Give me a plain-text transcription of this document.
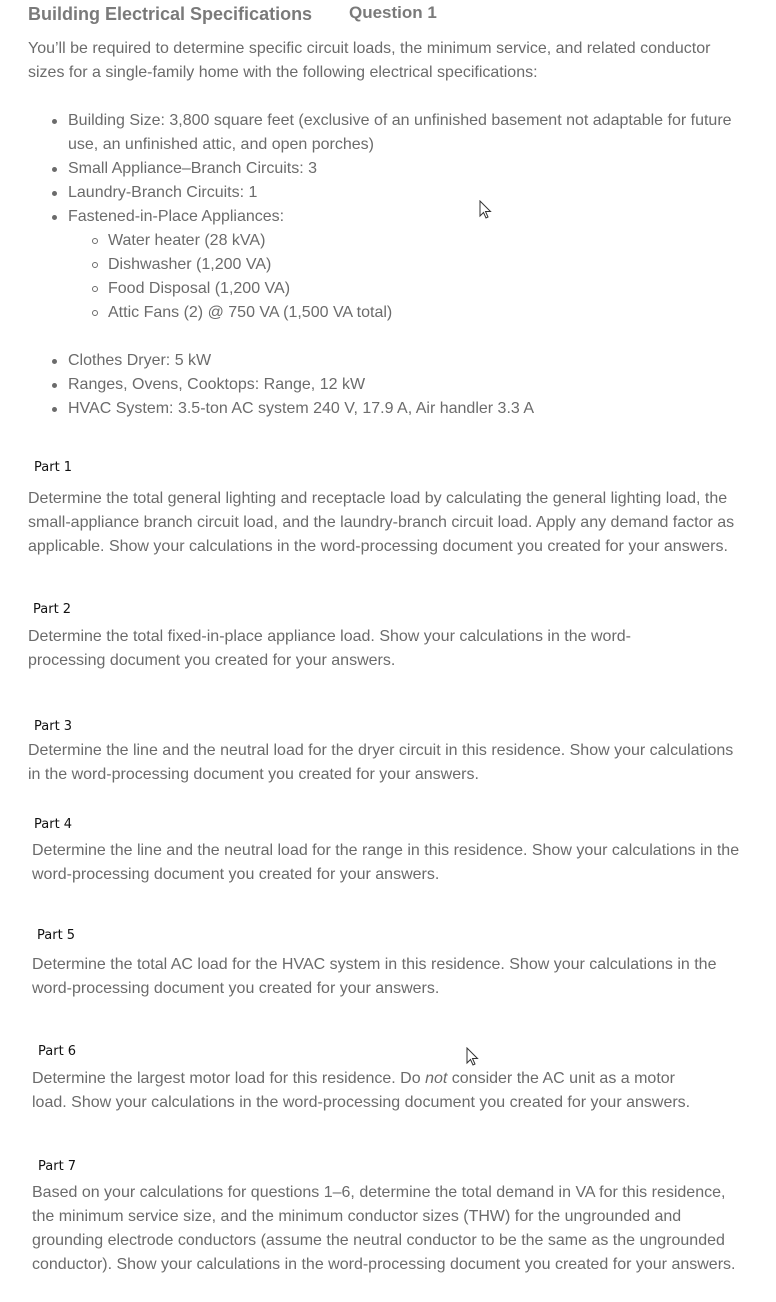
Building Electrical Specifications Question 1

You’ll be required to determine specific circuit loads, the minimum service, and related conductor sizes for a single-family home with the following electrical specifications:

Building Size: 3,800 square feet (exclusive of an unfinished basement not adaptable for future use, an unfinished attic, and open porches)
Small Appliance–Branch Circuits: 3
Laundry-Branch Circuits: 1
Fastened-in-Place Appliances:
Water heater (28 kVA)
Dishwasher (1,200 VA)
Food Disposal (1,200 VA)
Attic Fans (2) @ 750 VA (1,500 VA total)
Clothes Dryer: 5 kW
Ranges, Ovens, Cooktops: Range, 12 kW
HVAC System: 3.5-ton AC system 240 V, 17.9 A, Air handler 3.3 A
Part 1

Determine the total general lighting and receptacle load by calculating the general lighting load, the small-appliance branch circuit load, and the laundry-branch circuit load. Apply any demand factor as applicable. Show your calculations in the word-processing document you created for your answers.

Part 2

Determine the total fixed-in-place appliance load. Show your calculations in the word-processing document you created for your answers.

Part 3

Determine the line and the neutral load for the dryer circuit in this residence. Show your calculations in the word-processing document you created for your answers.

Part 4

Determine the line and the neutral load for the range in this residence. Show your calculations in the word-processing document you created for your answers.

Part 5

Determine the total AC load for the HVAC system in this residence. Show your calculations in the word-processing document you created for your answers.

Part 6

Determine the largest motor load for this residence. Do not consider the AC unit as a motor load. Show your calculations in the word-processing document you created for your answers.

Part 7

Based on your calculations for questions 1–6, determine the total demand in VA for this residence, the minimum service size, and the minimum conductor sizes (THW) for the ungrounded and grounding electrode conductors (assume the neutral conductor to be the same as the ungrounded conductor). Show your calculations in the word-processing document you created for your answers.
